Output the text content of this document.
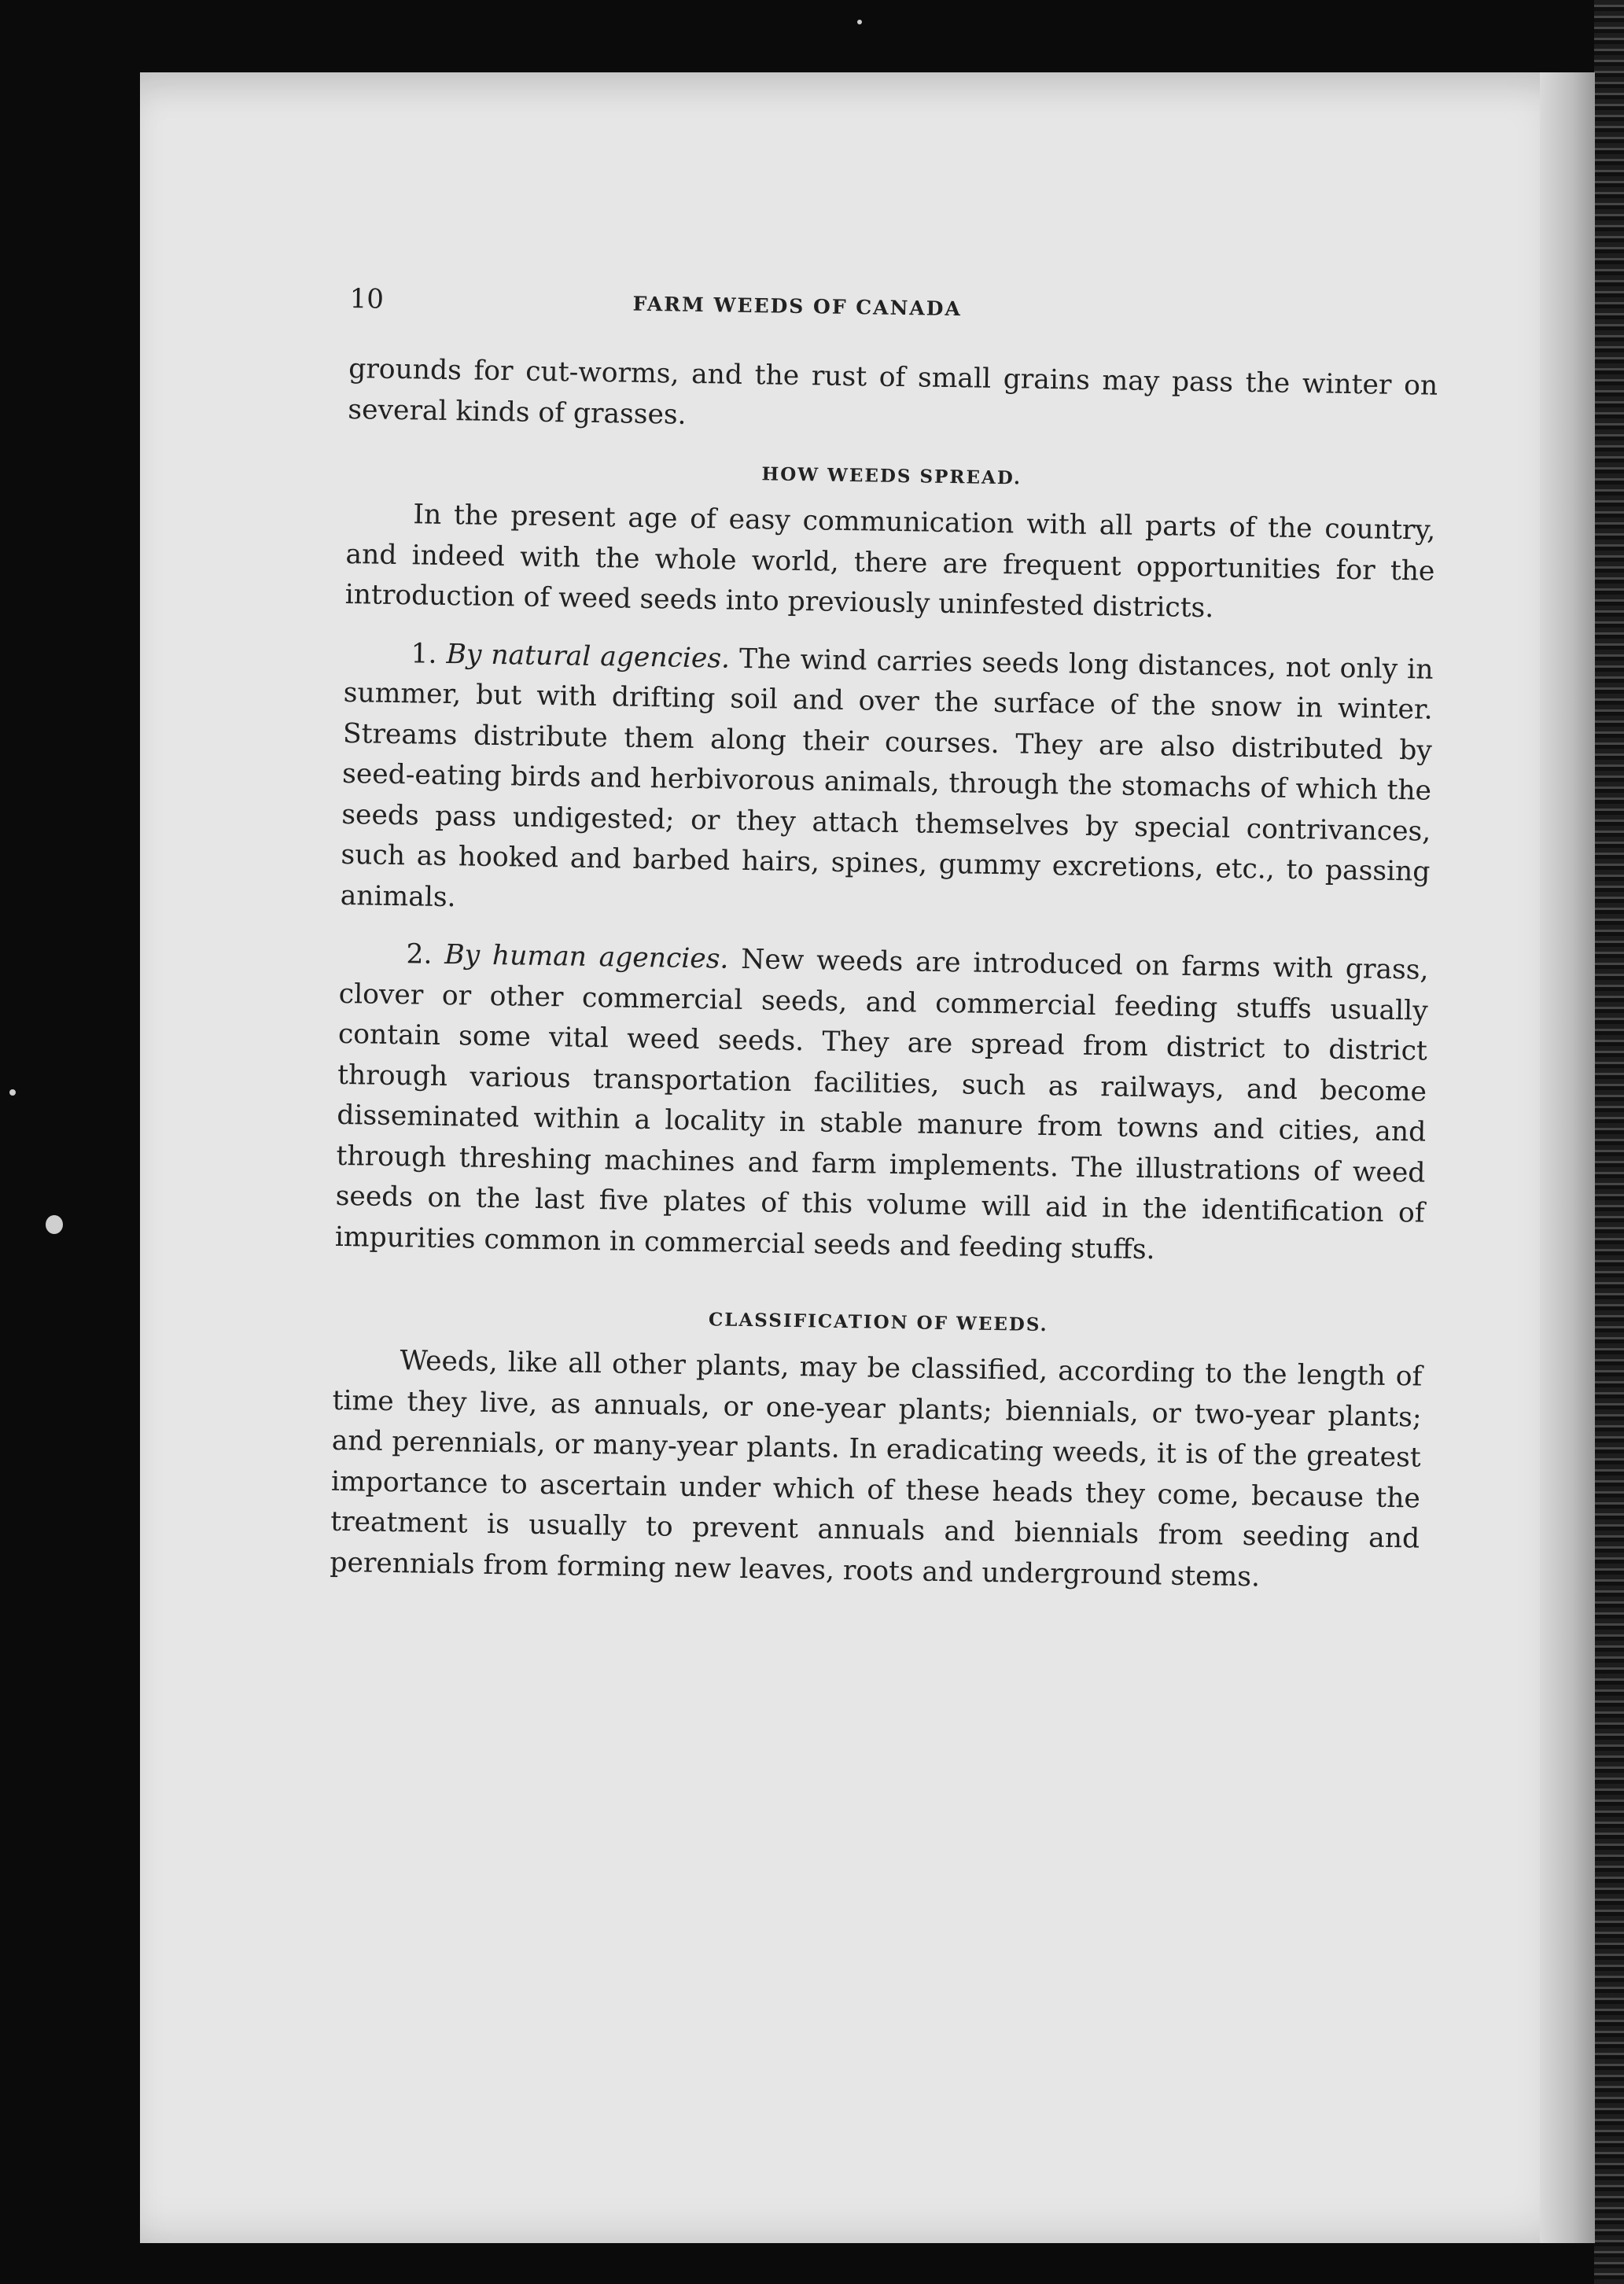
10	FARM WEEDS OF CANADA

grounds for cut-worms, and the rust of small grains may pass the winter on several kinds of grasses.

HOW WEEDS SPREAD.

In the present age of easy communication with all parts of the country, and indeed with the whole world, there are frequent opportunities for the introduction of weed seeds into previously uninfested districts.

1. By natural agencies. The wind carries seeds long distances, not only in summer, but with drifting soil and over the surface of the snow in winter. Streams distribute them along their courses. They are also distributed by seed-eating birds and herbivorous animals, through the stomachs of which the seeds pass undigested; or they attach themselves by special contrivances, such as hooked and barbed hairs, spines, gummy excretions, etc., to passing animals.

2. By human agencies. New weeds are introduced on farms with grass, clover or other commercial seeds, and commercial feeding stuffs usually contain some vital weed seeds. They are spread from district to district through various transportation facilities, such as railways, and become disseminated within a locality in stable manure from towns and cities, and through threshing machines and farm implements. The illustrations of weed seeds on the last five plates of this volume will aid in the identification of impurities common in commercial seeds and feeding stuffs.

CLASSIFICATION OF WEEDS.

Weeds, like all other plants, may be classified, according to the length of time they live, as annuals, or one-year plants; biennials, or two-year plants; and perennials, or many-year plants. In eradicating weeds, it is of the greatest importance to ascertain under which of these heads they come, because the treatment is usually to prevent annuals and biennials from seeding and perennials from forming new leaves, roots and underground stems.
